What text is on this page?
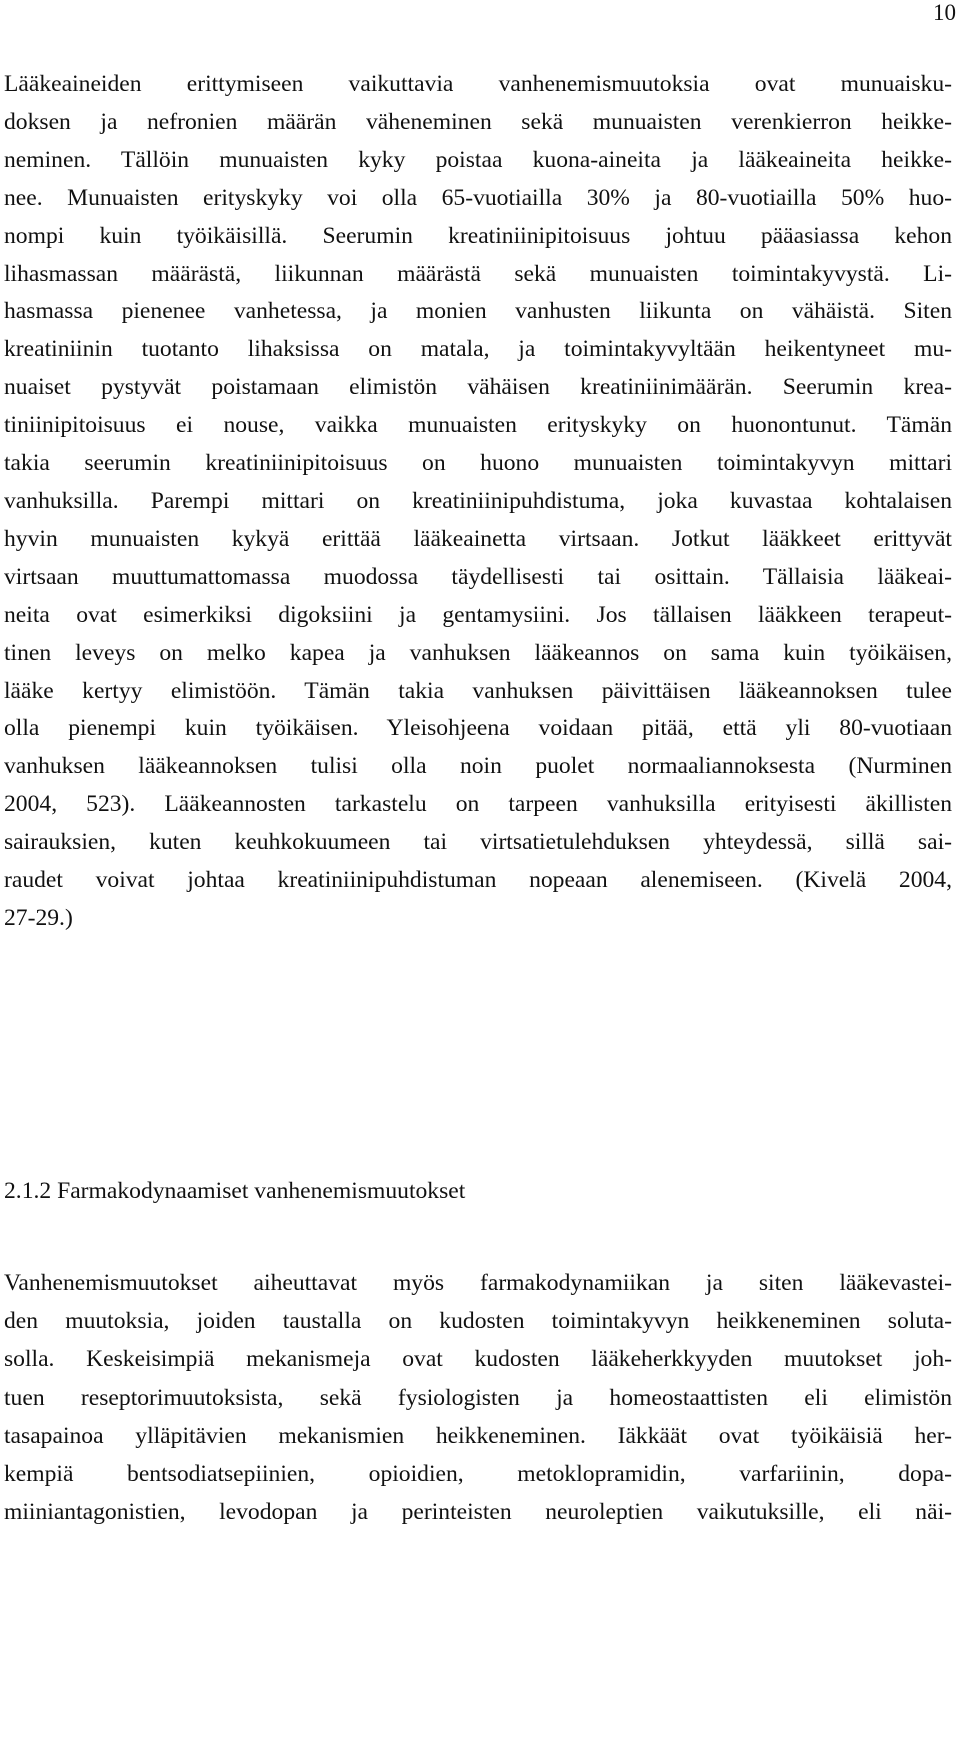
10
Lääkeaineiden erittymiseen vaikuttavia vanhenemismuutoksia ovat munuaisku-
doksen ja nefronien määrän väheneminen sekä munuaisten verenkierron heikke-
neminen. Tällöin munuaisten kyky poistaa kuona-aineita ja lääkeaineita heikke-
nee. Munuaisten erityskyky voi olla 65-vuotiailla 30% ja 80-vuotiailla 50% huo-
nompi kuin työikäisillä. Seerumin kreatiniinipitoisuus johtuu pääasiassa kehon
lihasmassan määrästä, liikunnan määrästä sekä munuaisten toimintakyvystä. Li-
hasmassa pienenee vanhetessa, ja monien vanhusten liikunta on vähäistä. Siten
kreatiniinin tuotanto lihaksissa on matala, ja toimintakyvyltään heikentyneet mu-
nuaiset pystyvät poistamaan elimistön vähäisen kreatiniinimäärän. Seerumin krea-
tiniinipitoisuus ei nouse, vaikka munuaisten erityskyky on huonontunut. Tämän
takia seerumin kreatiniinipitoisuus on huono munuaisten toimintakyvyn mittari
vanhuksilla. Parempi mittari on kreatiniinipuhdistuma, joka kuvastaa kohtalaisen
hyvin munuaisten kykyä erittää lääkeainetta virtsaan. Jotkut lääkkeet erittyvät
virtsaan muuttumattomassa muodossa täydellisesti tai osittain. Tällaisia lääkeai-
neita ovat esimerkiksi digoksiini ja gentamysiini. Jos tällaisen lääkkeen terapeut-
tinen leveys on melko kapea ja vanhuksen lääkeannos on sama kuin työikäisen,
lääke kertyy elimistöön. Tämän takia vanhuksen päivittäisen lääkeannoksen tulee
olla pienempi kuin työikäisen. Yleisohjeena voidaan pitää, että yli 80-vuotiaan
vanhuksen lääkeannoksen tulisi olla noin puolet normaaliannoksesta (Nurminen
2004, 523). Lääkeannosten tarkastelu on tarpeen vanhuksilla erityisesti äkillisten
sairauksien, kuten keuhkokuumeen tai virtsatietulehduksen yhteydessä, sillä sai-
raudet voivat johtaa kreatiniinipuhdistuman nopeaan alenemiseen. (Kivelä 2004,
27-29.)
2.1.2 Farmakodynaamiset vanhenemismuutokset
Vanhenemismuutokset aiheuttavat myös farmakodynamiikan ja siten lääkevastei-
den muutoksia, joiden taustalla on kudosten toimintakyvyn heikkeneminen soluta-
solla. Keskeisimpiä mekanismeja ovat kudosten lääkeherkkyyden muutokset joh-
tuen reseptorimuutoksista, sekä fysiologisten ja homeostaattisten eli elimistön
tasapainoa ylläpitävien mekanismien heikkeneminen. Iäkkäät ovat työikäisiä her-
kempiä bentsodiatsepiinien, opioidien, metoklopramidin, varfariinin, dopa-
miiniantagonistien, levodopan ja perinteisten neuroleptien vaikutuksille, eli näi-
